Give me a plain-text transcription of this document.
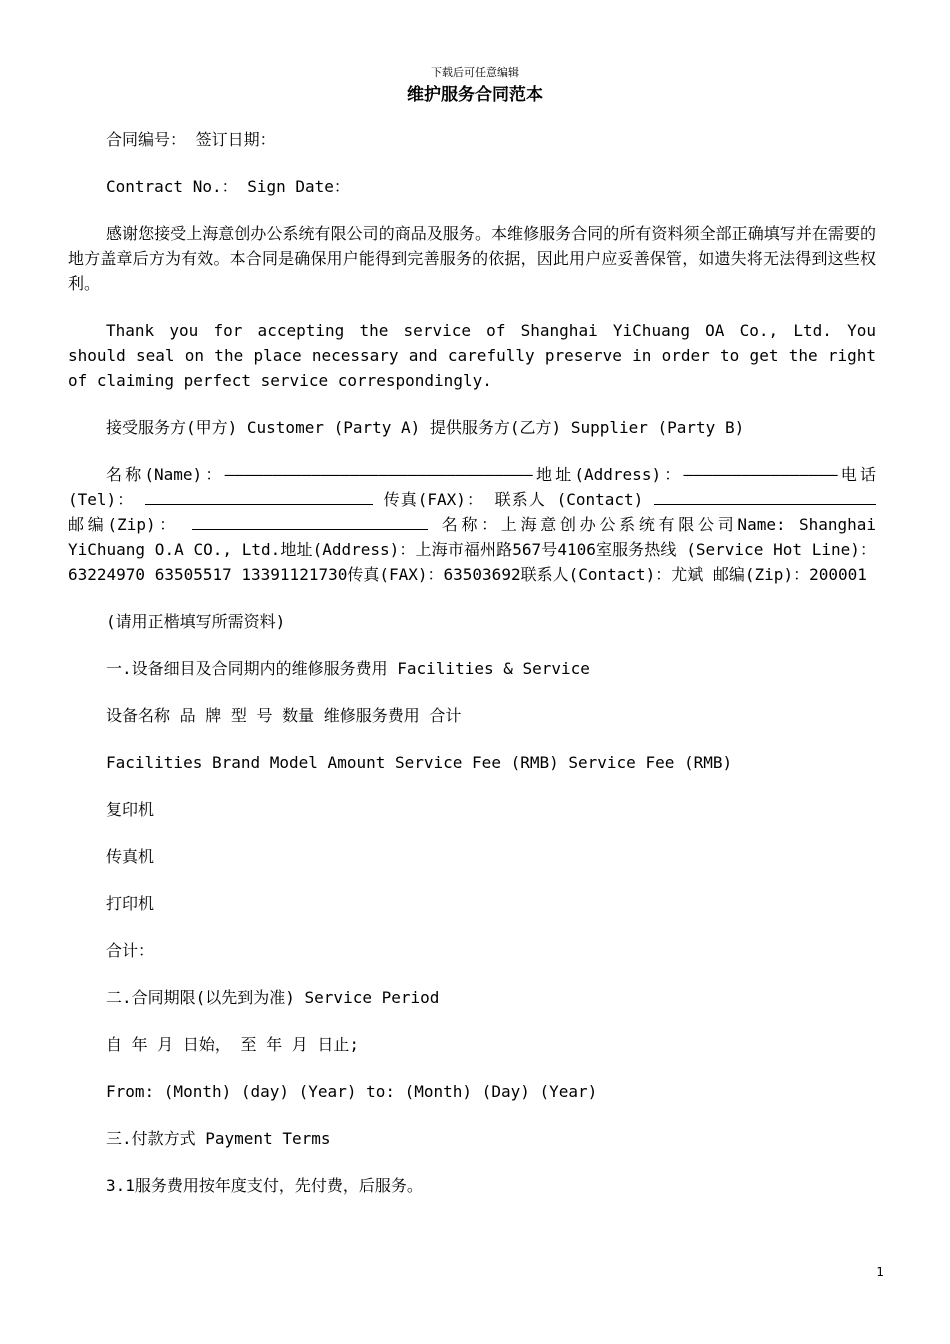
下载后可任意编辑
维护服务合同范本

合同编号： 签订日期：

Contract No.： Sign Date：

感谢您接受上海意创办公系统有限公司的商品及服务。本维修服务合同的所有资料须全部正确填写并在需要的地方盖章后方为有效。本合同是确保用户能得到完善服务的依据，因此用户应妥善保管，如遗失将无法得到这些权利。

Thank you for accepting the service of Shanghai YiChuang OA Co., Ltd. You should seal on the place necessary and carefully preserve in order to get the right of claiming perfect service correspondingly.

接受服务方(甲方) Customer (Party A) 提供服务方(乙方) Supplier (Party B)

名称(Name)：————————————————————————————————地址(Address)：————————————————电话(Tel)：	传真(FAX)： 联系人 (Contact) 邮编(Zip)：	名称：上海意创办公系统有限公司Name: Shanghai YiChuang O.A CO., Ltd.地址(Address)：上海市福州路567号4106室服务热线 (Service Hot Line)：63224970 63505517 13391121730传真(FAX)：63503692联系人(Contact)：尤斌 邮编(Zip)：200001

(请用正楷填写所需资料)

一.设备细目及合同期内的维修服务费用 Facilities & Service

设备名称 品 牌 型 号 数量 维修服务费用 合计

Facilities Brand Model Amount Service Fee (RMB) Service Fee (RMB)

复印机

传真机

打印机

合计：

二.合同期限(以先到为准) Service Period

自 年 月 日始， 至 年 月 日止;

From: (Month) (day) (Year) to: (Month) (Day) (Year)

三.付款方式 Payment Terms

3.1服务费用按年度支付，先付费，后服务。

1
